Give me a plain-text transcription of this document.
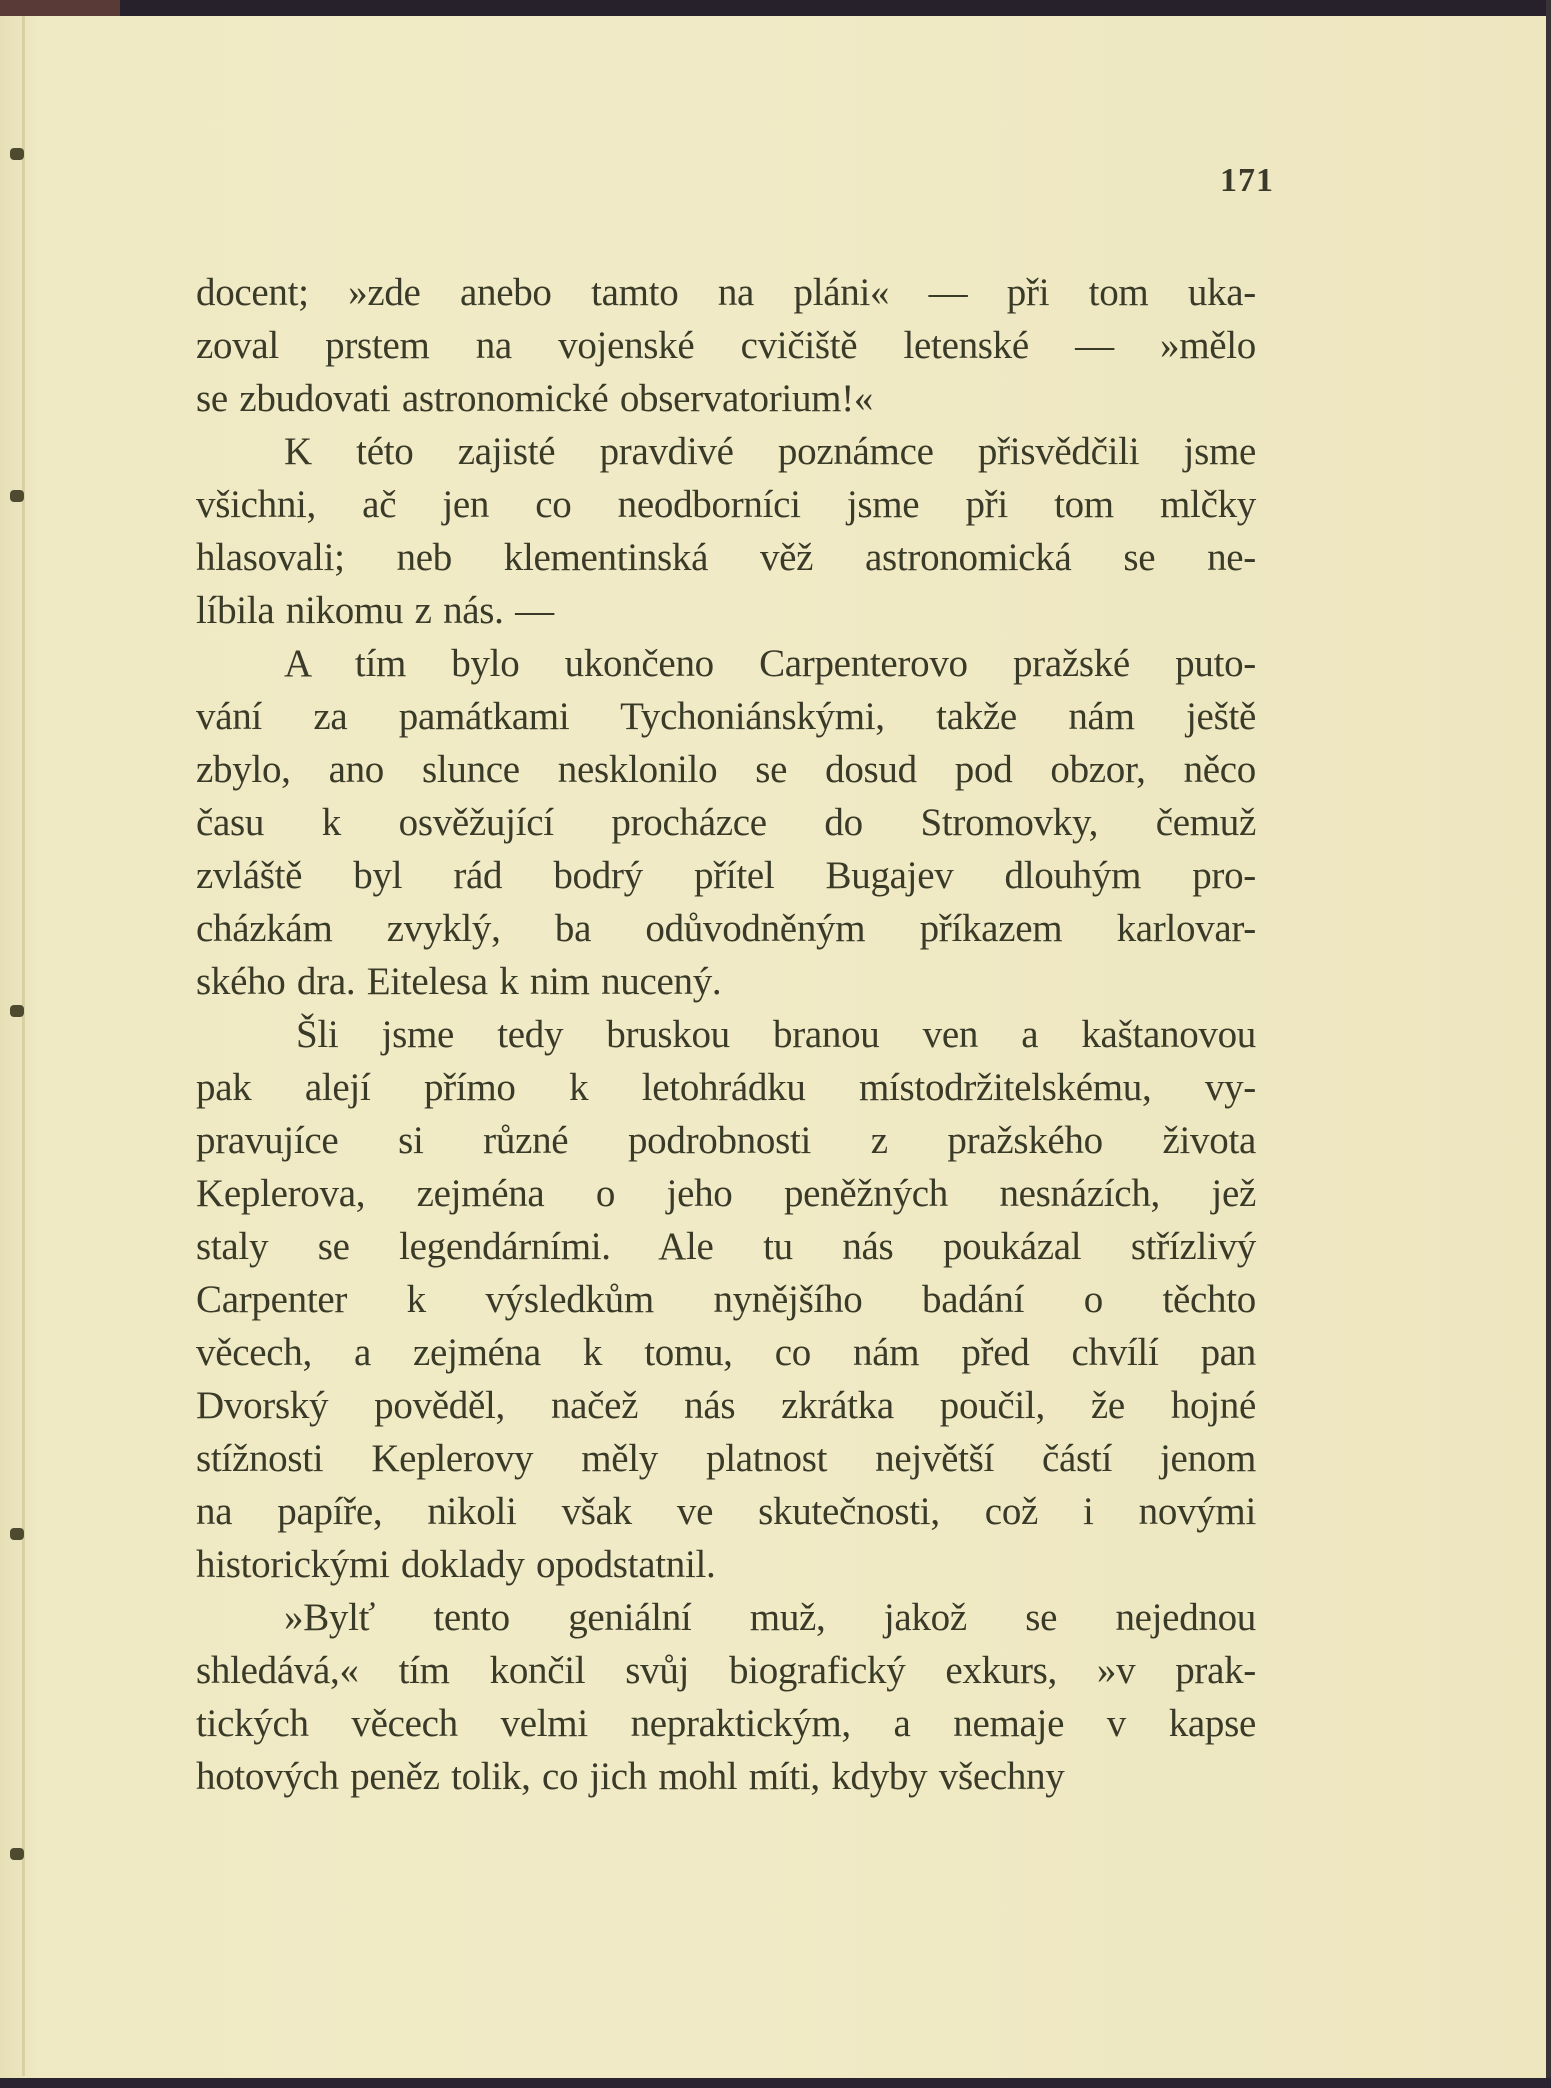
171
docent; »zde anebo tamto na pláni« — při tom uka-
zoval prstem na vojenské cvičiště letenské — »mělo
se zbudovati astronomické observatorium!«
K této zajisté pravdivé poznámce přisvědčili jsme
všichni, ač jen co neodborníci jsme při tom mlčky
hlasovali; neb klementinská věž astronomická se ne-
líbila nikomu z nás. —
A tím bylo ukončeno Carpenterovo pražské puto-
vání za památkami Tychoniánskými, takže nám ještě
zbylo, ano slunce nesklonilo se dosud pod obzor, něco
času k osvěžující procházce do Stromovky, čemuž
zvláště byl rád bodrý přítel Bugajev dlouhým pro-
cházkám zvyklý, ba odůvodněným příkazem karlovar-
ského dra. Eitelesa k nim nucený.
Šli jsme tedy bruskou branou ven a kaštanovou
pak alejí přímo k letohrádku místodržitelskému, vy-
pravujíce si různé podrobnosti z pražského života
Keplerova, zejména o jeho peněžných nesnázích, jež
staly se legendárními. Ale tu nás poukázal střízlivý
Carpenter k výsledkům nynějšího badání o těchto
věcech, a zejména k tomu, co nám před chvílí pan
Dvorský pověděl, načež nás zkrátka poučil, že hojné
stížnosti Keplerovy měly platnost největší částí jenom
na papíře, nikoli však ve skutečnosti, což i novými
historickými doklady opodstatnil.
»Bylť tento geniální muž, jakož se nejednou
shledává,« tím končil svůj biografický exkurs, »v prak-
tických věcech velmi nepraktickým, a nemaje v kapse
hotových peněz tolik, co jich mohl míti, kdyby všechny
